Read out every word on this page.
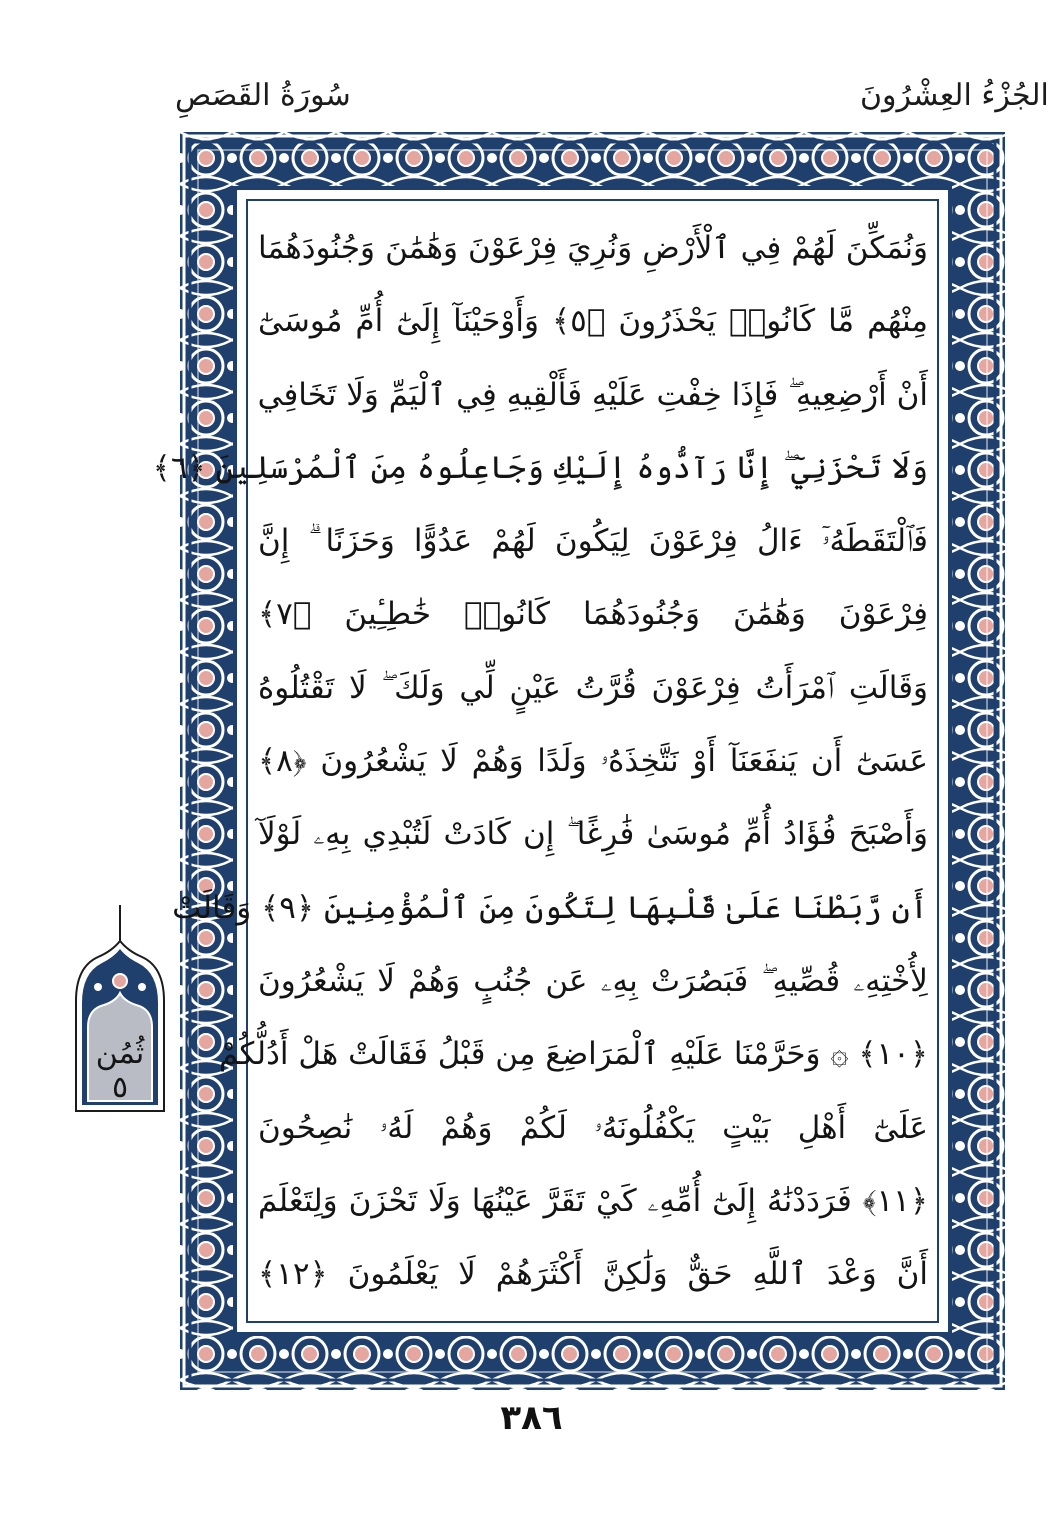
الجُزْءُ العِشْرُونَ
سُورَةُ القَصَصِ
وَنُمَكِّنَ لَهُمْ فِي ٱلْأَرْضِ وَنُرِيَ فِرْعَوْنَ وَهَٰمَٰنَ وَجُنُودَهُمَا
مِنْهُم مَّا كَانُوا۟ يَحْذَرُونَ ﴿٥﴾ وَأَوْحَيْنَآ إِلَىٰٓ أُمِّ مُوسَىٰٓ
أَنْ أَرْضِعِيهِ ۖ فَإِذَا خِفْتِ عَلَيْهِ فَأَلْقِيهِ فِي ٱلْيَمِّ وَلَا تَخَافِي
وَلَا تَحْزَنِيٓ ۖ إِنَّا رَآدُّوهُ إِلَيْكِ وَجَاعِلُوهُ مِنَ ٱلْمُرْسَلِينَ ﴿٦﴾
فَٱلْتَقَطَهُۥٓ ءَالُ فِرْعَوْنَ لِيَكُونَ لَهُمْ عَدُوًّا وَحَزَنًا ۗ إِنَّ
فِرْعَوْنَ وَهَٰمَٰنَ وَجُنُودَهُمَا كَانُوا۟ خَٰطِـِٔينَ ﴿٧﴾
وَقَالَتِ ٱمْرَأَتُ فِرْعَوْنَ قُرَّتُ عَيْنٍ لِّي وَلَكَ ۖ لَا تَقْتُلُوهُ
عَسَىٰٓ أَن يَنفَعَنَآ أَوْ نَتَّخِذَهُۥ وَلَدًا وَهُمْ لَا يَشْعُرُونَ ﴿٨﴾
وَأَصْبَحَ فُؤَادُ أُمِّ مُوسَىٰ فَٰرِغًا ۖ إِن كَادَتْ لَتُبْدِي بِهِۦ لَوْلَآ
أَن رَّبَطْنَا عَلَىٰ قَلْبِهَا لِتَكُونَ مِنَ ٱلْمُؤْمِنِينَ ﴿٩﴾ وَقَالَتْ
لِأُخْتِهِۦ قُصِّيهِ ۖ فَبَصُرَتْ بِهِۦ عَن جُنُبٍ وَهُمْ لَا يَشْعُرُونَ
﴿١٠﴾ ۞ وَحَرَّمْنَا عَلَيْهِ ٱلْمَرَاضِعَ مِن قَبْلُ فَقَالَتْ هَلْ أَدُلُّكُمْ
عَلَىٰٓ أَهْلِ بَيْتٍ يَكْفُلُونَهُۥ لَكُمْ وَهُمْ لَهُۥ نَٰصِحُونَ
﴿١١﴾ فَرَدَدْنَٰهُ إِلَىٰٓ أُمِّهِۦ كَيْ تَقَرَّ عَيْنُهَا وَلَا تَحْزَنَ وَلِتَعْلَمَ
أَنَّ وَعْدَ ٱللَّهِ حَقٌّ وَلَٰكِنَّ أَكْثَرَهُمْ لَا يَعْلَمُونَ ﴿١٢﴾
ثُمُن
٥
٣٨٦
